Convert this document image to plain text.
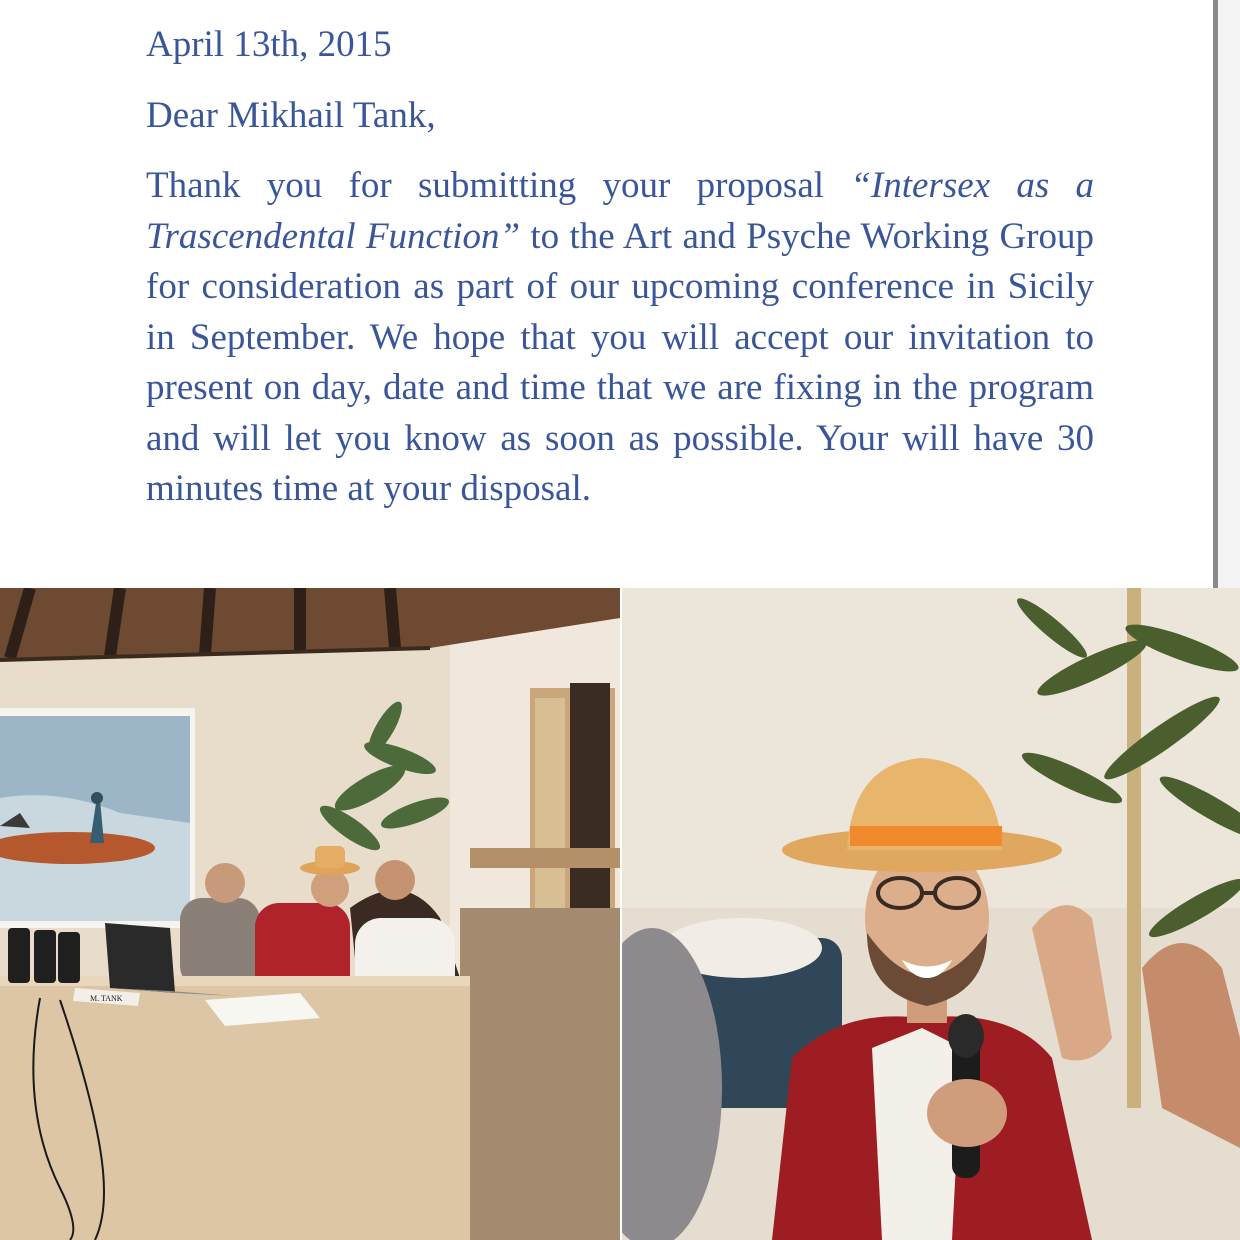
April 13th, 2015

Dear Mikhail Tank,

Thank you for submitting your proposal “Intersex as a Trascendental Function” to the Art and Psyche Working Group for consideration as part of our upcoming conference in Sicily in September. We hope that you will accept our invitation to present on day, date and time that we are fixing in the program and will let you know as soon as possible. Your will have 30 minutes time at your disposal.

M. TANK
